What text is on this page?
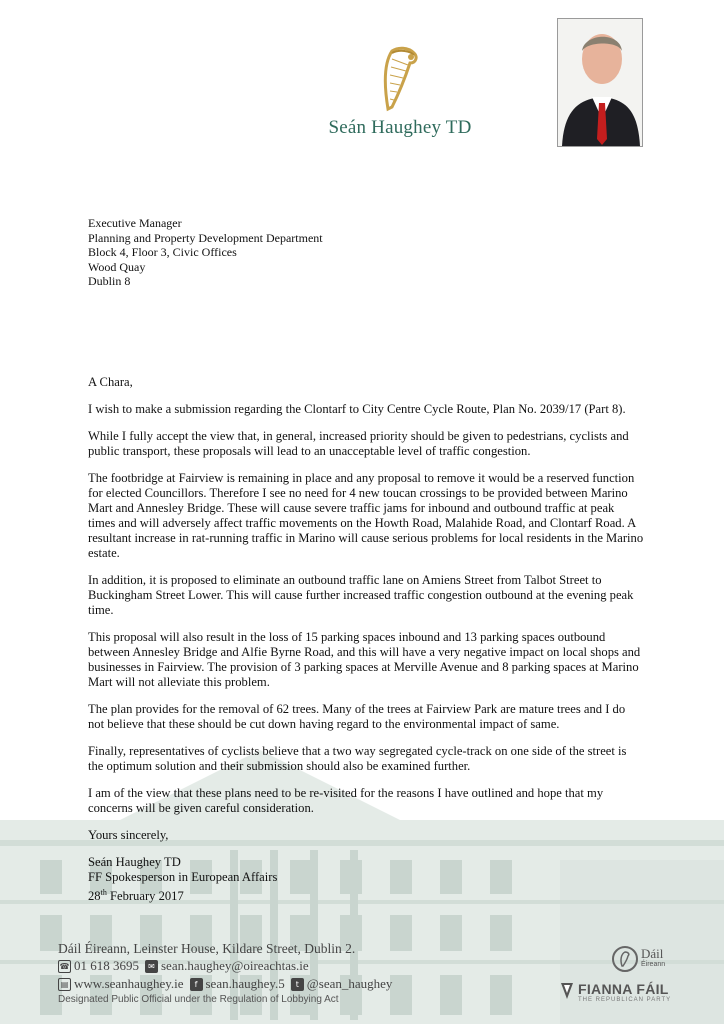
Seán Haughey TD
Executive Manager
Planning and Property Development Department
Block 4, Floor 3, Civic Offices
Wood Quay
Dublin 8

A Chara,

I wish to make a submission regarding the Clontarf to City Centre Cycle Route, Plan No. 2039/17 (Part 8).

While I fully accept the view that, in general, increased priority should be given to pedestrians, cyclists and public transport, these proposals will lead to an unacceptable level of traffic congestion.

The footbridge at Fairview is remaining in place and any proposal to remove it would be a reserved function for elected Councillors. Therefore I see no need for 4 new toucan crossings to be provided between Marino Mart and Annesley Bridge. These will cause severe traffic jams for inbound and outbound traffic at peak times and will adversely affect traffic movements on the Howth Road, Malahide Road, and Clontarf Road. A resultant increase in rat-running traffic in Marino will cause serious problems for local residents in the Marino estate.

In addition, it is proposed to eliminate an outbound traffic lane on Amiens Street from Talbot Street to Buckingham Street Lower. This will cause further increased traffic congestion outbound at the evening peak time.

This proposal will also result in the loss of 15 parking spaces inbound and 13 parking spaces outbound between Annesley Bridge and Alfie Byrne Road, and this will have a very negative impact on local shops and businesses in Fairview. The provision of 3 parking spaces at Merville Avenue and 8 parking spaces at Marino Mart will not alleviate this problem.

The plan provides for the removal of 62 trees. Many of the trees at Fairview Park are mature trees and I do not believe that these should be cut down having regard to the environmental impact of same.

Finally, representatives of cyclists believe that a two way segregated cycle-track on one side of the street is the optimum solution and their submission should also be examined further.

I am of the view that these plans need to be re-visited for the reasons I have outlined and hope that my concerns will be given careful consideration.

Yours sincerely,

Seán Haughey TD
FF Spokesperson in European Affairs
28th February 2017
Dáil Éireann, Leinster House, Kildare Street, Dublin 2.
☎ 01 618 3695	✉ sean.haughey@oireachtas.ie
▤ www.seanhaughey.ie	f sean.haughey.5	t @sean_haughey
Designated Public Official under the Regulation of Lobbying Act
Dáil
Éireann
FIANNA FÁIL
THE REPUBLICAN PARTY
